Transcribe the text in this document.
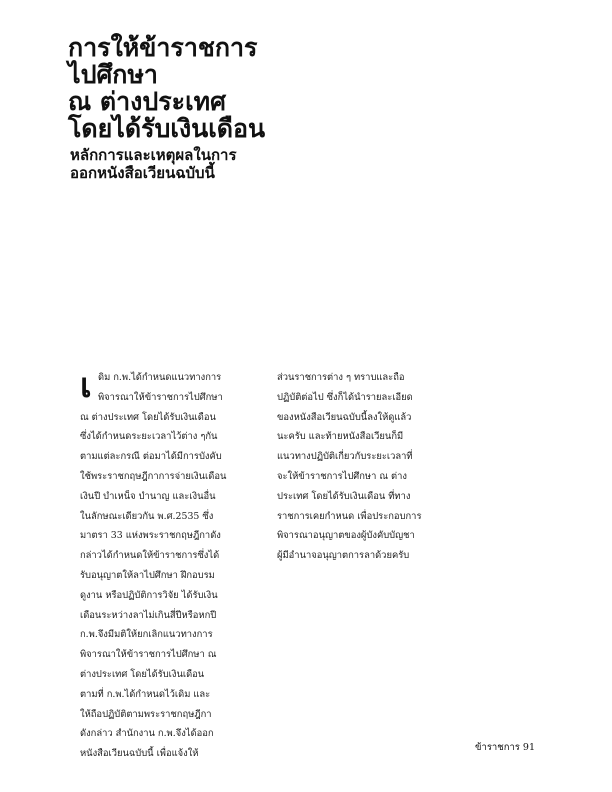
การให้ข้าราชการ
ไปศึกษา
ณ ต่างประเทศ
โดยได้รับเงินเดือน
หลักการและเหตุผลในการ
ออกหนังสือเวียนฉบับนี้
เ ดิม ก.พ.ได้กำหนดแนวทางการ
พิจารณาให้ข้าราชการไปศึกษา
ณ ต่างประเทศ โดยได้รับเงินเดือน
ซึ่งได้กำหนดระยะเวลาไว้ต่าง ๆกัน
ตามแต่ละกรณี ต่อมาได้มีการบังคับ
ใช้พระราชกฤษฎีกาการจ่ายเงินเดือน
เงินปี บำเหน็จ บำนาญ และเงินอื่น
ในลักษณะเดียวกัน พ.ศ.2535 ซึ่ง
มาตรา 33 แห่งพระราชกฤษฎีกาดัง
กล่าวได้กำหนดให้ข้าราชการซึ่งได้
รับอนุญาตให้ลาไปศึกษา ฝึกอบรม
ดูงาน หรือปฏิบัติการวิจัย ได้รับเงิน
เดือนระหว่างลาไม่เกินสี่ปีหรือหกปี
ก.พ.จึงมีมติให้ยกเลิกแนวทางการ
พิจารณาให้ข้าราชการไปศึกษา ณ
ต่างประเทศ โดยได้รับเงินเดือน
ตามที่ ก.พ.ได้กำหนดไว้เดิม และ
ให้ถือปฏิบัติตามพระราชกฤษฎีกา
ดังกล่าว สำนักงาน ก.พ.จึงได้ออก
หนังสือเวียนฉบับนี้ เพื่อแจ้งให้
ส่วนราชการต่าง ๆ ทราบและถือ
ปฏิบัติต่อไป ซึ่งก็ได้นำรายละเอียด
ของหนังสือเวียนฉบับนี้ลงให้ดูแล้ว
นะครับ และท้ายหนังสือเวียนก็มี
แนวทางปฏิบัติเกี่ยวกับระยะเวลาที่
จะให้ข้าราชการไปศึกษา ณ ต่าง
ประเทศ โดยได้รับเงินเดือน ที่ทาง
ราชการเคยกำหนด เพื่อประกอบการ
พิจารณาอนุญาตของผู้บังคับบัญชา
ผู้มีอำนาจอนุญาตการลาด้วยครับ
ข้าราชการ 91
